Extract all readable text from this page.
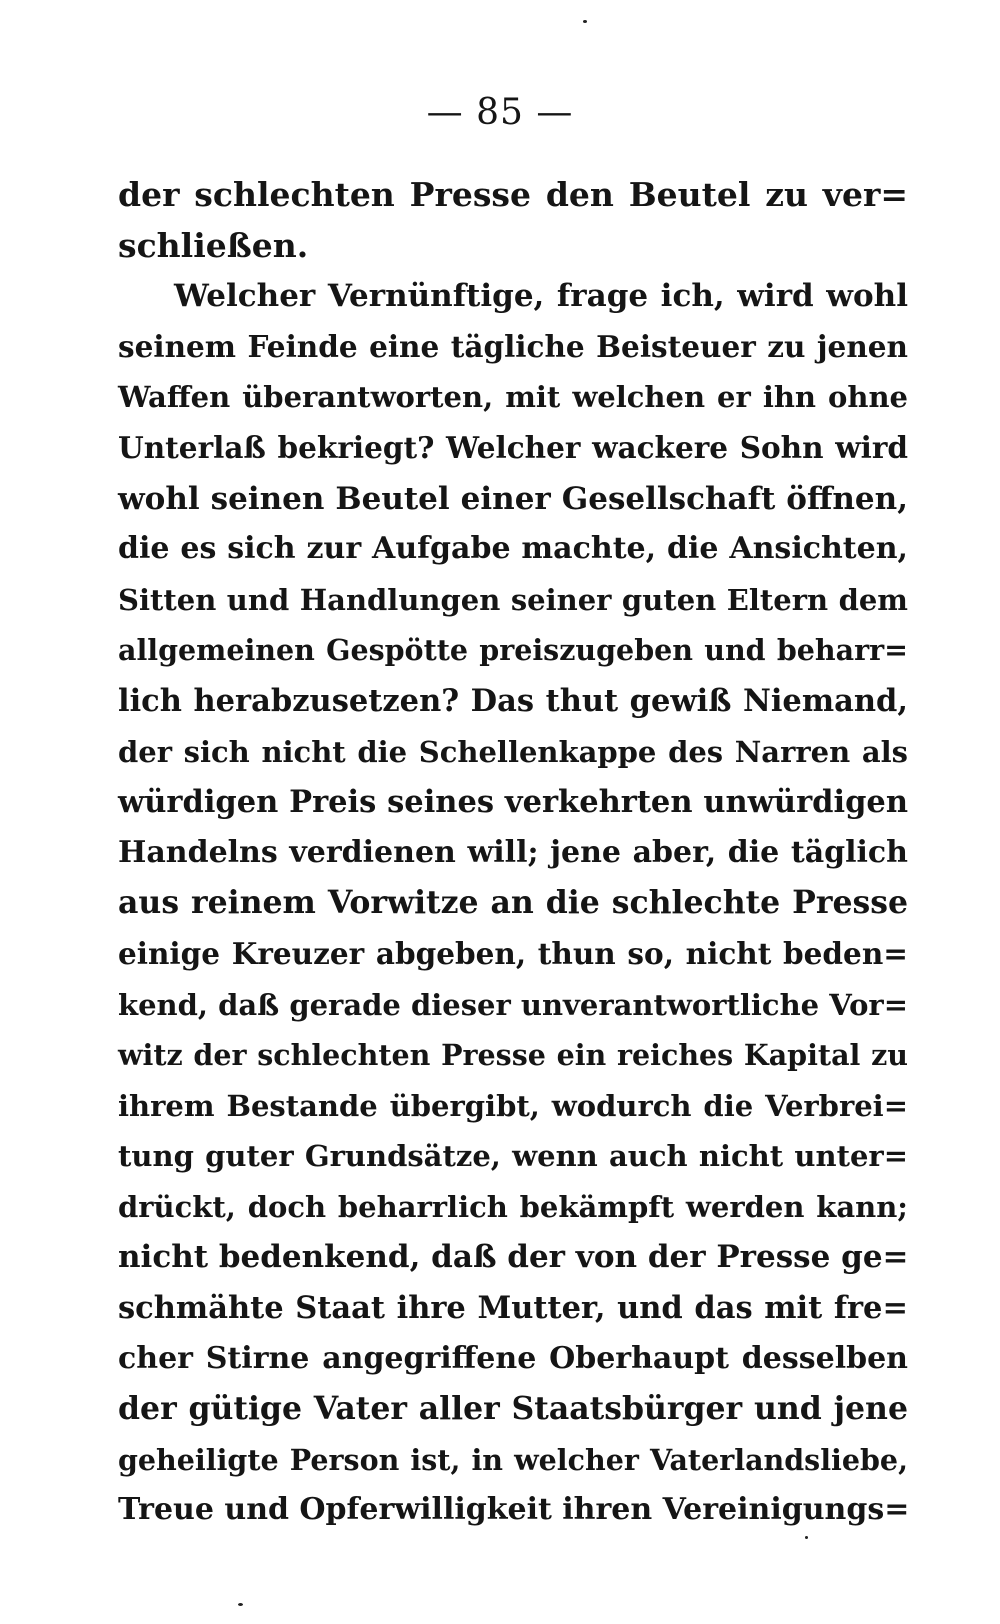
— 85 —
der schlechten Presse den Beutel zu ver=
schließen.
Welcher Vernünftige, frage ich, wird wohl
seinem Feinde eine tägliche Beisteuer zu jenen
Waffen überantworten, mit welchen er ihn ohne
Unterlaß bekriegt? Welcher wackere Sohn wird
wohl seinen Beutel einer Gesellschaft öffnen,
die es sich zur Aufgabe machte, die Ansichten,
Sitten und Handlungen seiner guten Eltern dem
allgemeinen Gespötte preiszugeben und beharr=
lich herabzusetzen? Das thut gewiß Niemand,
der sich nicht die Schellenkappe des Narren als
würdigen Preis seines verkehrten unwürdigen
Handelns verdienen will; jene aber, die täglich
aus reinem Vorwitze an die schlechte Presse
einige Kreuzer abgeben, thun so, nicht beden=
kend, daß gerade dieser unverantwortliche Vor=
witz der schlechten Presse ein reiches Kapital zu
ihrem Bestande übergibt, wodurch die Verbrei=
tung guter Grundsätze, wenn auch nicht unter=
drückt, doch beharrlich bekämpft werden kann;
nicht bedenkend, daß der von der Presse ge=
schmähte Staat ihre Mutter, und das mit fre=
cher Stirne angegriffene Oberhaupt desselben
der gütige Vater aller Staatsbürger und jene
geheiligte Person ist, in welcher Vaterlandsliebe,
Treue und Opferwilligkeit ihren Vereinigungs=
